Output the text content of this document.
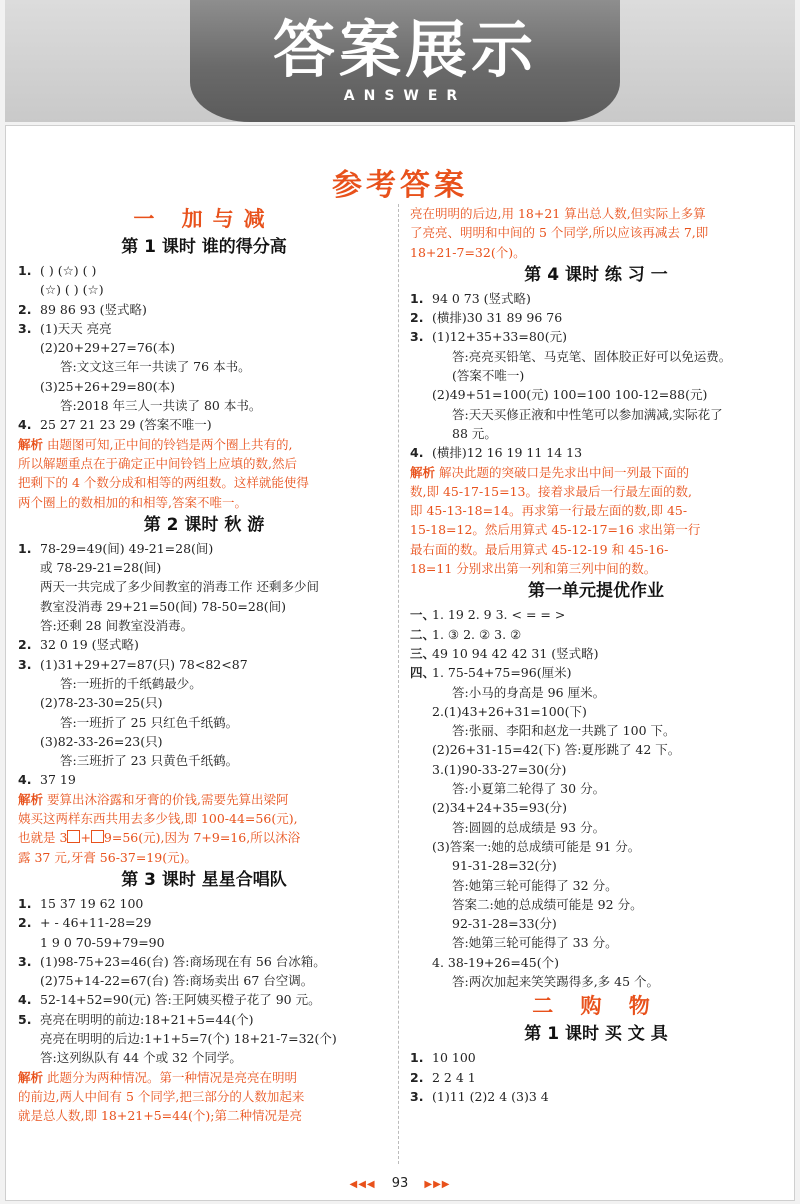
答案展示
ANSWER
参考答案
一 加与减
第 1 课时 谁的得分高
1. ( ) (☆) ( )
(☆) ( ) (☆)
2. 89 86 93 (竖式略)
3. (1)天天 亮亮
(2)20+29+27=76(本)
答:文文这三年一共读了 76 本书。
(3)25+26+29=80(本)
答:2018 年三人一共读了 80 本书。
4. 25 27 21 23 29 (答案不唯一)
解析 由题图可知,正中间的铃铛是两个圈上共有的,
所以解题重点在于确定正中间铃铛上应填的数,然后
把剩下的 4 个数分成和相等的两组数。这样就能使得
两个圈上的数相加的和相等,答案不唯一。
第 2 课时 秋 游
1. 78-29=49(间) 49-21=28(间)
或 78-29-21=28(间)
两天一共完成了多少间教室的消毒工作 还剩多少间
教室没消毒 29+21=50(间) 78-50=28(间)
答:还剩 28 间教室没消毒。
2. 32 0 19 (竖式略)
3. (1)31+29+27=87(只) 78<82<87
答:一班折的千纸鹤最少。
(2)78-23-30=25(只)
答:一班折了 25 只红色千纸鹤。
(3)82-33-26=23(只)
答:三班折了 23 只黄色千纸鹤。
4. 37 19
解析 要算出沐浴露和牙膏的价钱,需要先算出梁阿
姨买这两样东西共用去多少钱,即 100-44=56(元),
也就是 3 + 9=56(元),因为 7+9=16,所以沐浴
露 37 元,牙膏 56-37=19(元)。
第 3 课时 星星合唱队
1. 15 37 19 62 100
2. + - 46+11-28=29
1 9 0 70-59+79=90
3. (1)98-75+23=46(台) 答:商场现在有 56 台冰箱。
(2)75+14-22=67(台) 答:商场卖出 67 台空调。
4. 52-14+52=90(元) 答:王阿姨买橙子花了 90 元。
5. 亮亮在明明的前边:18+21+5=44(个)
亮亮在明明的后边:1+1+5=7(个) 18+21-7=32(个)
答:这列纵队有 44 个或 32 个同学。
解析 此题分为两种情况。第一种情况是亮亮在明明
的前边,两人中间有 5 个同学,把三部分的人数加起来
就是总人数,即 18+21+5=44(个);第二种情况是亮
亮在明明的后边,用 18+21 算出总人数,但实际上多算
了亮亮、明明和中间的 5 个同学,所以应该再减去 7,即
18+21-7=32(个)。
第 4 课时 练 习 一
1. 94 0 73 (竖式略)
2. (横排)30 31 89 96 76
3. (1)12+35+33=80(元)
答:亮亮买铅笔、马克笔、固体胶正好可以免运费。
(答案不唯一)
(2)49+51=100(元) 100=100 100-12=88(元)
答:天天买修正液和中性笔可以参加满减,实际花了
88 元。
4. (横排)12 16 19 11 14 13
解析 解决此题的突破口是先求出中间一列最下面的
数,即 45-17-15=13。接着求最后一行最左面的数,
即 45-13-18=14。再求第一行最左面的数,即 45-
15-18=12。然后用算式 45-12-17=16 求出第一行
最右面的数。最后用算式 45-12-19 和 45-16-
18=11 分别求出第一列和第三列中间的数。
第一单元提优作业
一、1. 19 2. 9 3. < = = >
二、1. ③ 2. ② 3. ②
三、49 10 94 42 42 31 (竖式略)
四、1. 75-54+75=96(厘米)
答:小马的身高是 96 厘米。
2.(1)43+26+31=100(下)
答:张丽、李阳和赵龙一共跳了 100 下。
(2)26+31-15=42(下) 答:夏彤跳了 42 下。
3.(1)90-33-27=30(分)
答:小夏第二轮得了 30 分。
(2)34+24+35=93(分)
答:圆圆的总成绩是 93 分。
(3)答案一:她的总成绩可能是 91 分。
91-31-28=32(分)
答:她第三轮可能得了 32 分。
答案二:她的总成绩可能是 92 分。
92-31-28=33(分)
答:她第三轮可能得了 33 分。
4. 38-19+26=45(个)
答:两次加起来笑笑踢得多,多 45 个。
二 购 物
第 1 课时 买 文 具
1. 10 100
2. 2 2 4 1
3. (1)11 (2)2 4 (3)3 4
◀◀◀ 93 ▶▶▶
